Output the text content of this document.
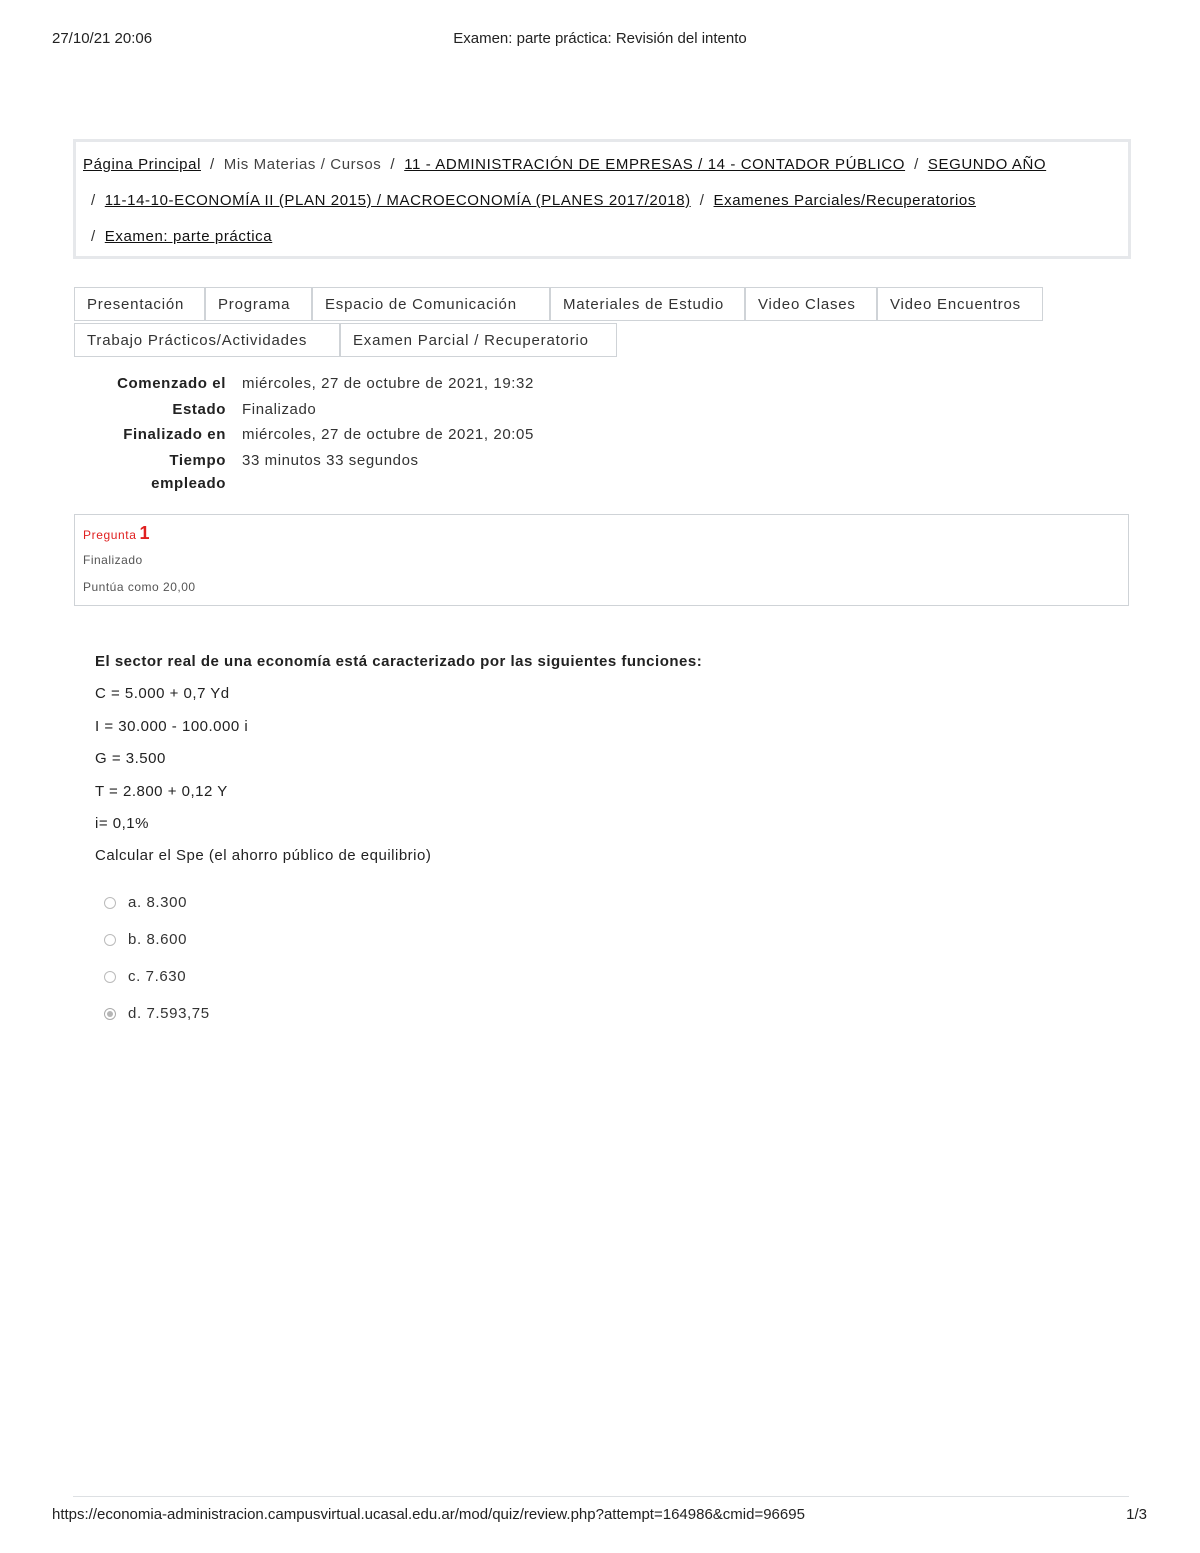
27/10/21 20:06	Examen: parte práctica: Revisión del intento
Página Principal / Mis Materias / Cursos / 11 - ADMINISTRACIÓN DE EMPRESAS / 14 - CONTADOR PÚBLICO / SEGUNDO AÑO
/ 11-14-10-ECONOMÍA II (PLAN 2015) / MACROECONOMÍA (PLANES 2017/2018) / Examenes Parciales/Recuperatorios
/ Examen: parte práctica
Presentación	Programa	Espacio de Comunicación	Materiales de Estudio	Video Clases	Video Encuentros
Trabajo Prácticos/Actividades	Examen Parcial / Recuperatorio
Comenzado el miércoles, 27 de octubre de 2021, 19:32
Estado Finalizado
Finalizado en miércoles, 27 de octubre de 2021, 20:05
Tiempo 33 minutos 33 segundos
empleado
Pregunta 1
Finalizado
Puntúa como 20,00
El sector real de una economía está caracterizado por las siguientes funciones:
C = 5.000 + 0,7 Yd
I = 30.000 - 100.000 i
G = 3.500
T = 2.800 + 0,12 Y
i= 0,1%
Calcular el Spe (el ahorro público de equilibrio)
a. 8.300
b. 8.600
c. 7.630
d. 7.593,75
https://economia-administracion.campusvirtual.ucasal.edu.ar/mod/quiz/review.php?attempt=164986&cmid=96695	1/3
